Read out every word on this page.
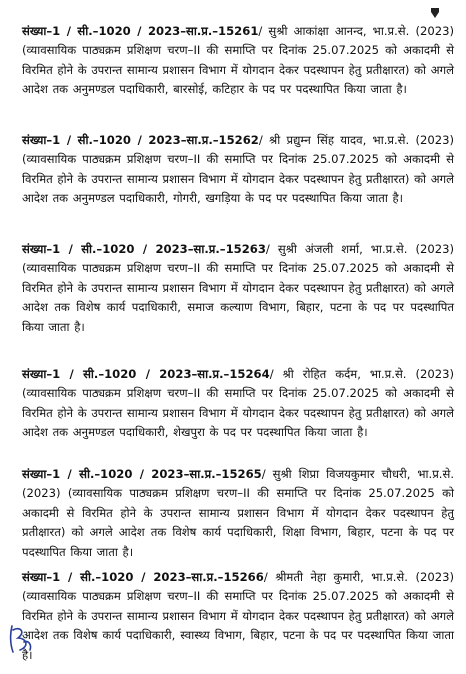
संख्या–1 / सी.–1020 / 2023–सा.प्र.–15261/ सुश्री आकांक्षा आनन्द, भा.प्र.से. (2023) (व्यावसायिक पाठ्यक्रम प्रशिक्षण चरण–II की समाप्ति पर दिनांक 25.07.2025 को अकादमी से विरमित होने के उपरान्त सामान्य प्रशासन विभाग में योगदान देकर पदस्थापन हेतु प्रतीक्षारत) को अगले आदेश तक अनुमण्डल पदाधिकारी, बारसोई, कटिहार के पद पर पदस्थापित किया जाता है।
संख्या–1 / सी.–1020 / 2023–सा.प्र.–15262/ श्री प्रद्युम्न सिंह यादव, भा.प्र.से. (2023) (व्यावसायिक पाठ्यक्रम प्रशिक्षण चरण–II की समाप्ति पर दिनांक 25.07.2025 को अकादमी से विरमित होने के उपरान्त सामान्य प्रशासन विभाग में योगदान देकर पदस्थापन हेतु प्रतीक्षारत) को अगले आदेश तक अनुमण्डल पदाधिकारी, गोगरी, खगड़िया के पद पर पदस्थापित किया जाता है।
संख्या–1 / सी.–1020 / 2023–सा.प्र.–15263/ सुश्री अंजली शर्मा, भा.प्र.से. (2023) (व्यावसायिक पाठ्यक्रम प्रशिक्षण चरण–II की समाप्ति पर दिनांक 25.07.2025 को अकादमी से विरमित होने के उपरान्त सामान्य प्रशासन विभाग में योगदान देकर पदस्थापन हेतु प्रतीक्षारत) को अगले आदेश तक विशेष कार्य पदाधिकारी, समाज कल्याण विभाग, बिहार, पटना के पद पर पदस्थापित किया जाता है।
संख्या–1 / सी.–1020 / 2023–सा.प्र.–15264/ श्री रोहित कर्दम, भा.प्र.से. (2023) (व्यावसायिक पाठ्यक्रम प्रशिक्षण चरण–II की समाप्ति पर दिनांक 25.07.2025 को अकादमी से विरमित होने के उपरान्त सामान्य प्रशासन विभाग में योगदान देकर पदस्थापन हेतु प्रतीक्षारत) को अगले आदेश तक अनुमण्डल पदाधिकारी, शेखपुरा के पद पर पदस्थापित किया जाता है।
संख्या–1 / सी.–1020 / 2023–सा.प्र.–15265/ सुश्री शिप्रा विजयकुमार चौधरी, भा.प्र.से. (2023) (व्यावसायिक पाठ्यक्रम प्रशिक्षण चरण–II की समाप्ति पर दिनांक 25.07.2025 को अकादमी से विरमित होने के उपरान्त सामान्य प्रशासन विभाग में योगदान देकर पदस्थापन हेतु प्रतीक्षारत) को अगले आदेश तक विशेष कार्य पदाधिकारी, शिक्षा विभाग, बिहार, पटना के पद पर पदस्थापित किया जाता है।
संख्या–1 / सी.–1020 / 2023–सा.प्र.–15266/ श्रीमती नेहा कुमारी, भा.प्र.से. (2023) (व्यावसायिक पाठ्यक्रम प्रशिक्षण चरण–II की समाप्ति पर दिनांक 25.07.2025 को अकादमी से विरमित होने के उपरान्त सामान्य प्रशासन विभाग में योगदान देकर पदस्थापन हेतु प्रतीक्षारत) को अगले आदेश तक विशेष कार्य पदाधिकारी, स्वास्थ्य विभाग, बिहार, पटना के पद पर पदस्थापित किया जाता है।
